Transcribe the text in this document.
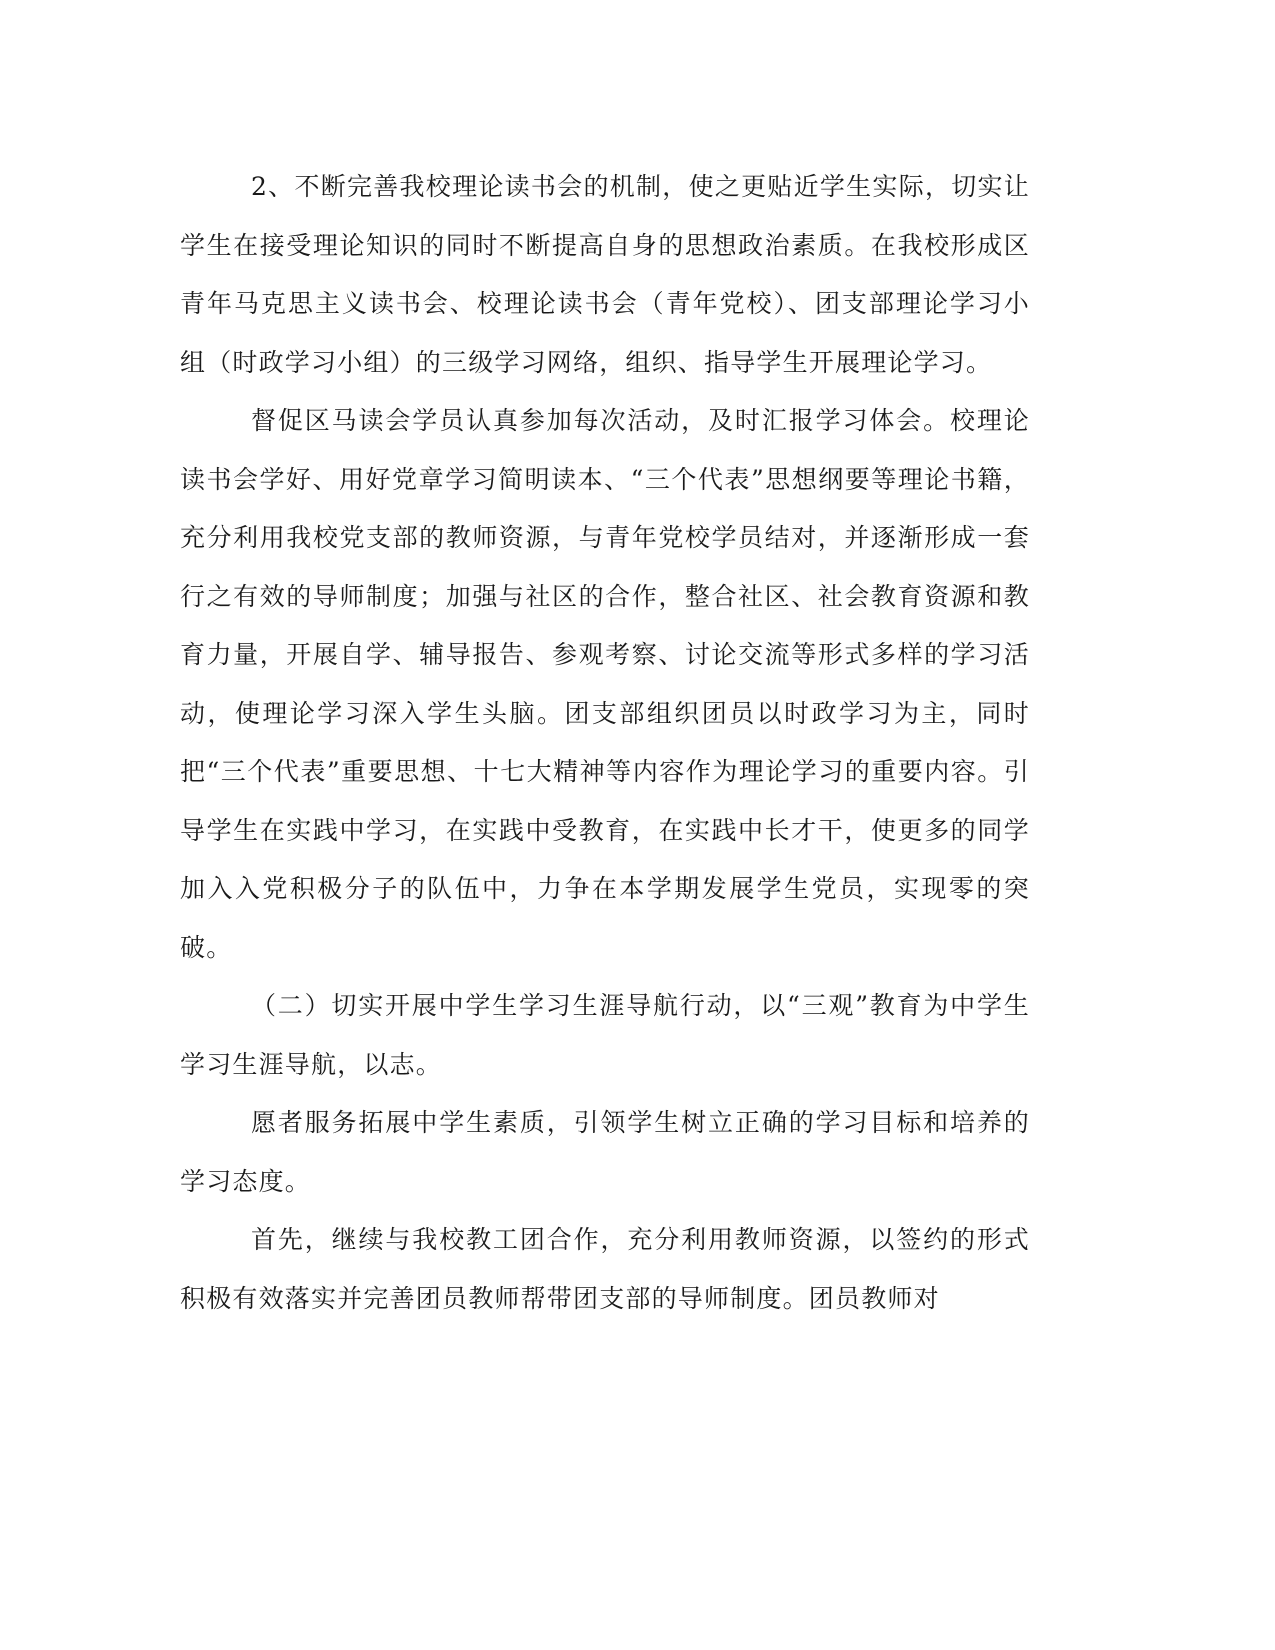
2、不断完善我校理论读书会的机制，使之更贴近学生实际，切实让学生在接受理论知识的同时不断提高自身的思想政治素质。在我校形成区青年马克思主义读书会、校理论读书会（青年党校）、团支部理论学习小组（时政学习小组）的三级学习网络，组织、指导学生开展理论学习。

督促区马读会学员认真参加每次活动，及时汇报学习体会。校理论读书会学好、用好党章学习简明读本、“三个代表”思想纲要等理论书籍，充分利用我校党支部的教师资源，与青年党校学员结对，并逐渐形成一套行之有效的导师制度；加强与社区的合作，整合社区、社会教育资源和教育力量，开展自学、辅导报告、参观考察、讨论交流等形式多样的学习活动，使理论学习深入学生头脑。团支部组织团员以时政学习为主，同时把“三个代表”重要思想、十七大精神等内容作为理论学习的重要内容。引导学生在实践中学习，在实践中受教育，在实践中长才干，使更多的同学加入入党积极分子的队伍中，力争在本学期发展学生党员，实现零的突破。

（二）切实开展中学生学习生涯导航行动，以“三观”教育为中学生学习生涯导航，以志。

愿者服务拓展中学生素质，引领学生树立正确的学习目标和培养的学习态度。

首先，继续与我校教工团合作，充分利用教师资源，以签约的形式积极有效落实并完善团员教师帮带团支部的导师制度。团员教师对
